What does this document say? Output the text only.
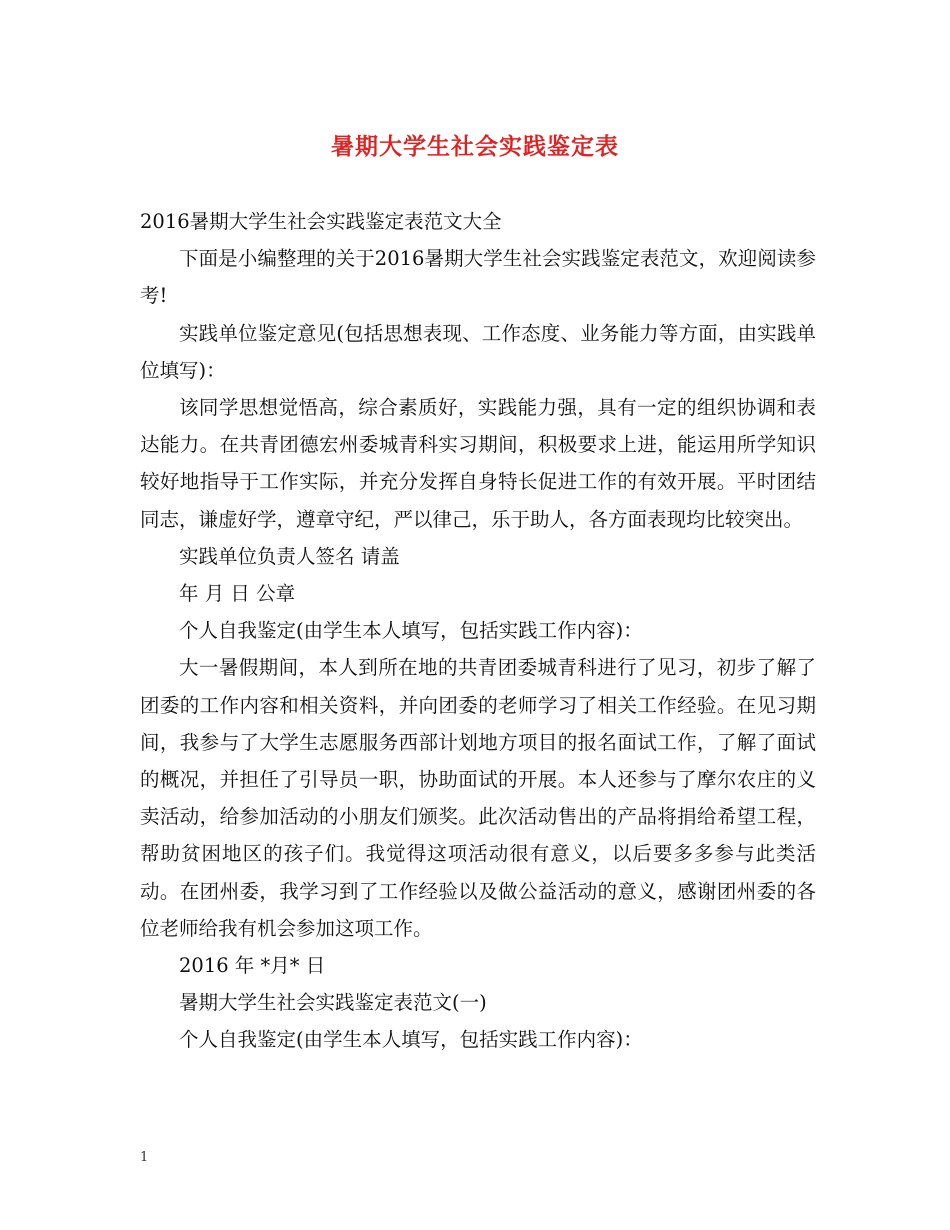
暑期大学生社会实践鉴定表

2016暑期大学生社会实践鉴定表范文大全

下面是小编整理的关于2016暑期大学生社会实践鉴定表范文，欢迎阅读参考!

实践单位鉴定意见(包括思想表现、工作态度、业务能力等方面，由实践单位填写)：

该同学思想觉悟高，综合素质好，实践能力强，具有一定的组织协调和表达能力。在共青团德宏州委城青科实习期间，积极要求上进，能运用所学知识较好地指导于工作实际，并充分发挥自身特长促进工作的有效开展。平时团结同志，谦虚好学，遵章守纪，严以律己，乐于助人，各方面表现均比较突出。

实践单位负责人签名 请盖

年 月 日 公章

个人自我鉴定(由学生本人填写，包括实践工作内容)：

大一暑假期间，本人到所在地的共青团委城青科进行了见习，初步了解了团委的工作内容和相关资料，并向团委的老师学习了相关工作经验。在见习期间，我参与了大学生志愿服务西部计划地方项目的报名面试工作，了解了面试的概况，并担任了引导员一职，协助面试的开展。本人还参与了摩尔农庄的义卖活动，给参加活动的小朋友们颁奖。此次活动售出的产品将捐给希望工程，帮助贫困地区的孩子们。我觉得这项活动很有意义，以后要多多参与此类活动。在团州委，我学习到了工作经验以及做公益活动的意义，感谢团州委的各位老师给我有机会参加这项工作。

2016 年 *月* 日

暑期大学生社会实践鉴定表范文(一)

个人自我鉴定(由学生本人填写，包括实践工作内容)：

1
